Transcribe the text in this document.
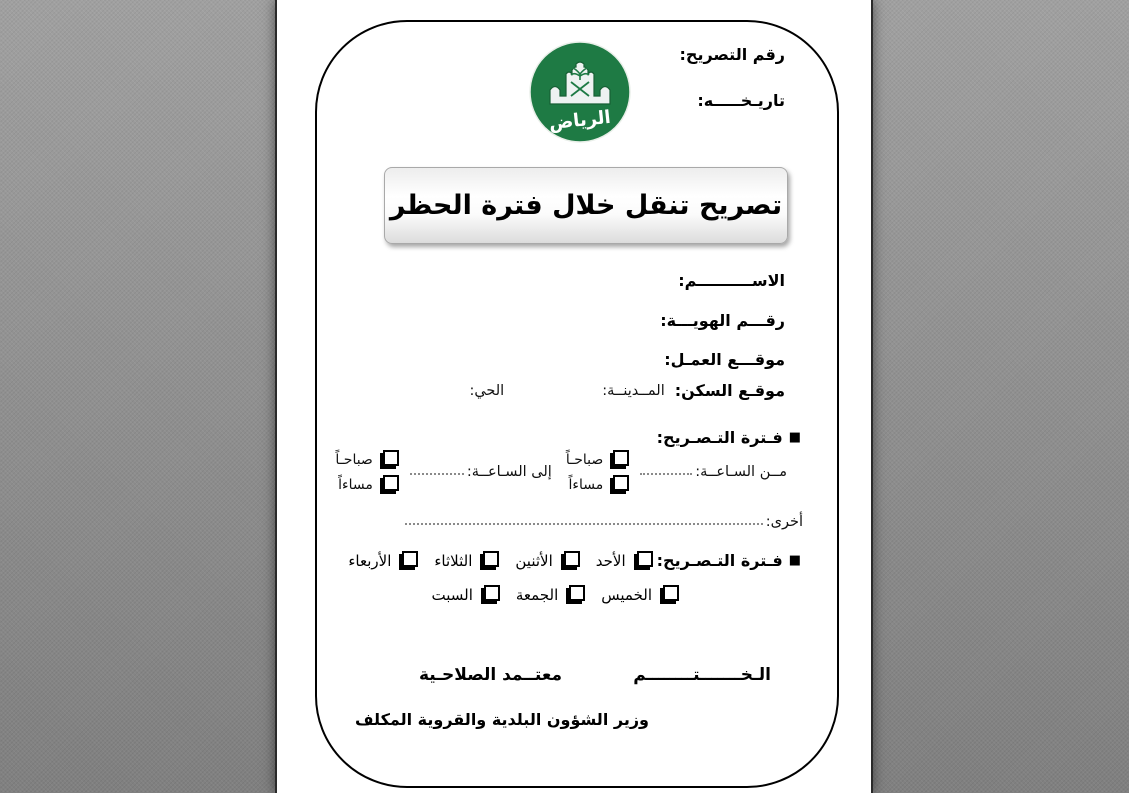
رقم التصريح:
تاريـخـــــه:
الرياض
تصريح تنقل خلال فترة الحظر
الاســــــــــم:
رقـــم الهويـــة:
موقـــع العمـل:
موقـع السكن:
المــدينــة:
الحي:
■
فـترة التـصـريح:
مــن السـاعــة:
صباحـاً
مساءاً
إلى السـاعــة:
صباحـاً
مساءاً
أخرى:
■
فـترة التـصـريح:
الأحد
الأثنين
الثلاثاء
الأربعاء
الخميس
الجمعة
السبت
الـخـــــــتــــــــم
معتــمد الصلاحـية
وزير الشؤون البلدية والقروية المكلف
